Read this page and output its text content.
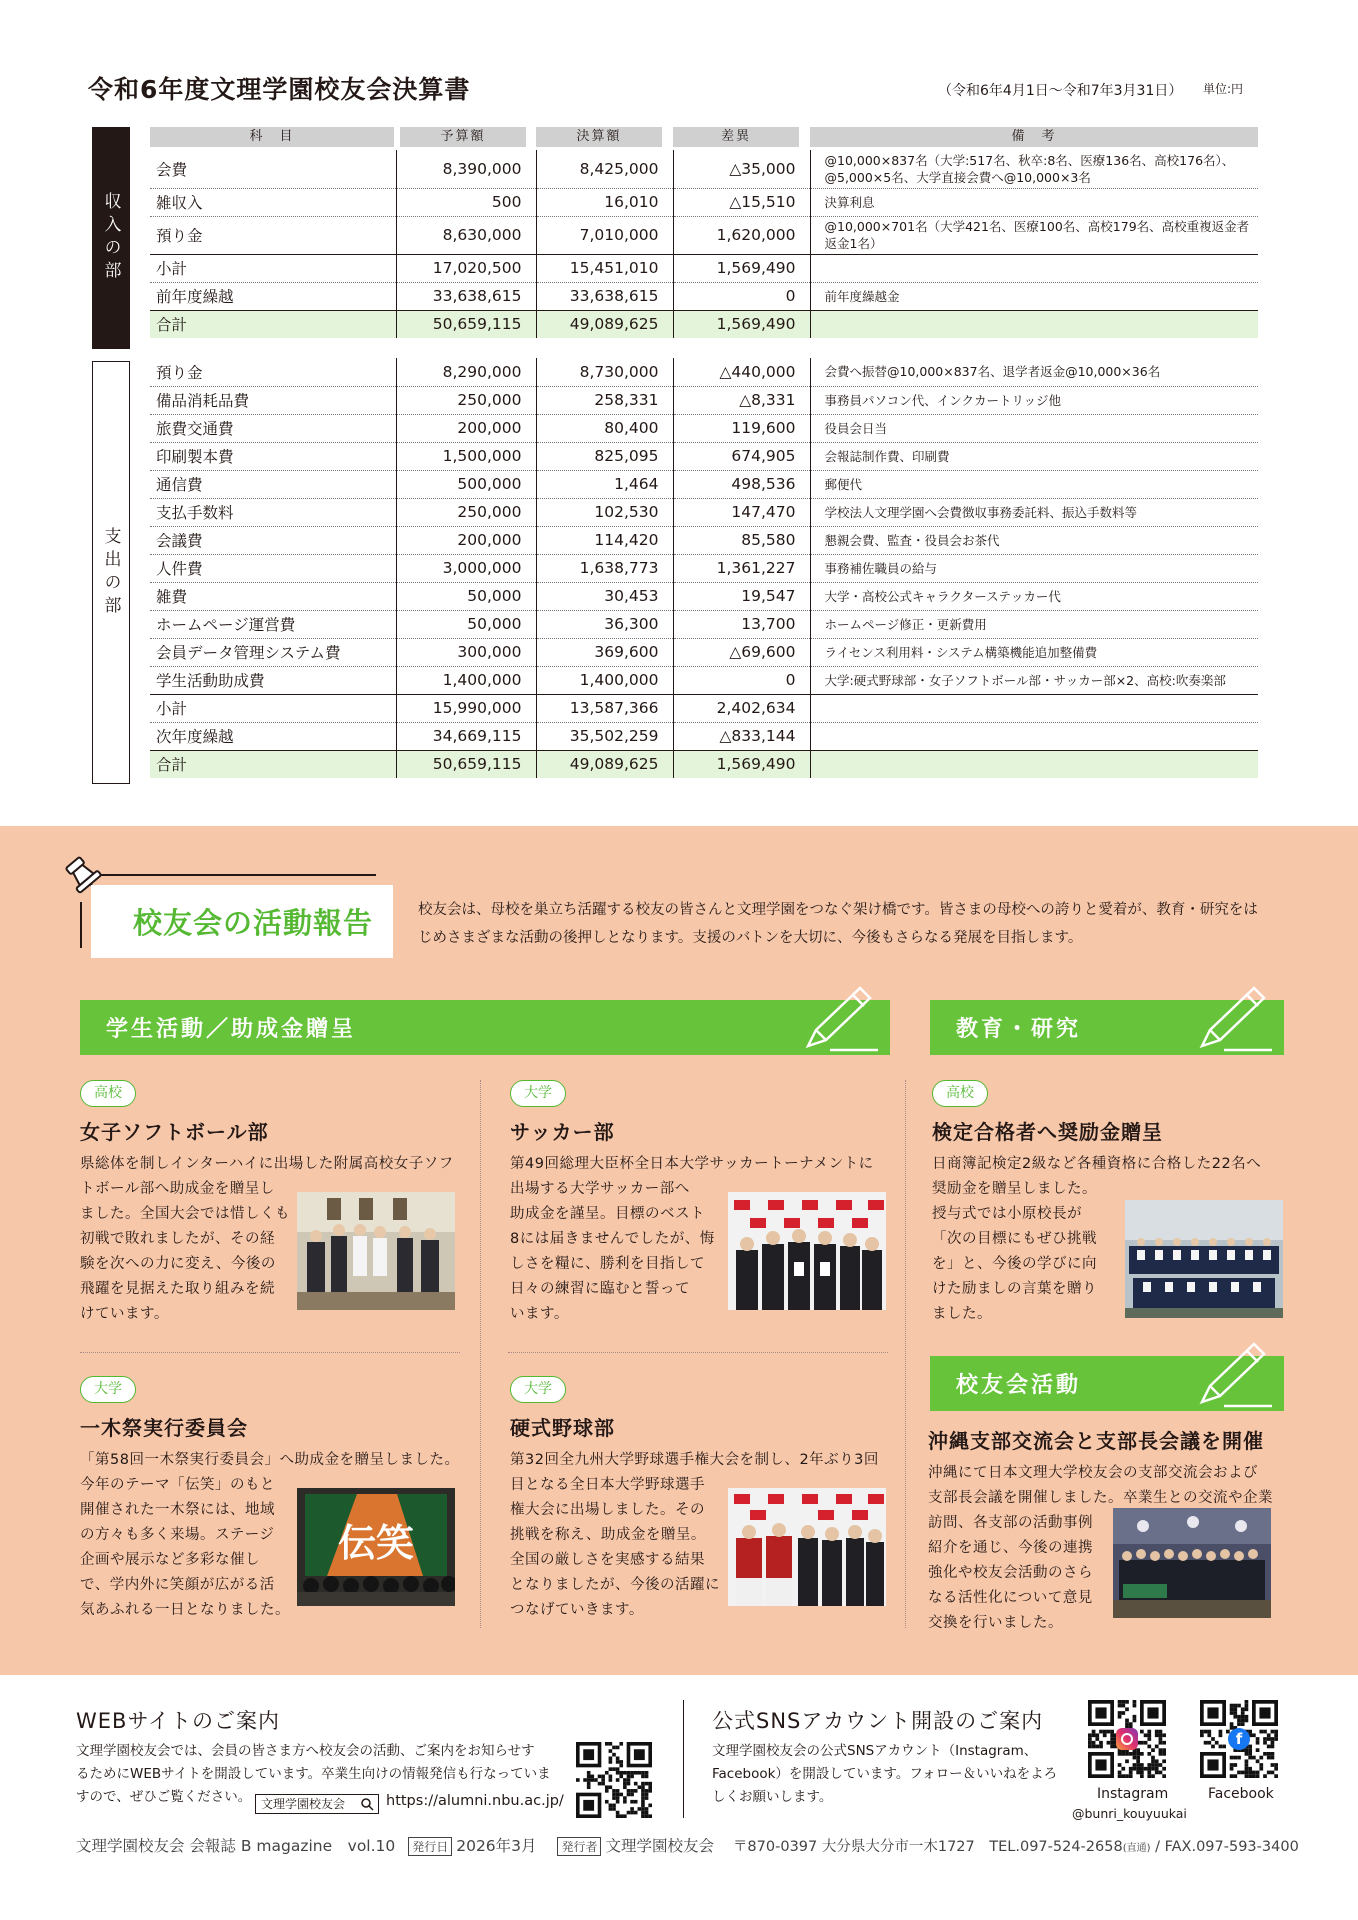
令和6年度文理学園校友会決算書	（令和6年4月1日～令和7年3月31日） 単位:円
収入の部
支出の部
科　目	予算額	決算額	差異	備　考
会費	8,390,000	8,425,000	△35,000	@10,000×837名（大学:517名、秋卒:8名、医療136名、高校176名）、@5,000×5名、大学直接会費へ@10,000×3名
雑収入	500	16,010	△15,510	決算利息
預り金	8,630,000	7,010,000	1,620,000	@10,000×701名（大学421名、医療100名、高校179名、高校重複返金者返金1名）
小計	17,020,500	15,451,010	1,569,490	
前年度繰越	33,638,615	33,638,615	0	前年度繰越金
合計	50,659,115	49,089,625	1,569,490	
預り金	8,290,000	8,730,000	△440,000	会費へ振替@10,000×837名、退学者返金@10,000×36名
備品消耗品費	250,000	258,331	△8,331	事務員パソコン代、インクカートリッジ他
旅費交通費	200,000	80,400	119,600	役員会日当
印刷製本費	1,500,000	825,095	674,905	会報誌制作費、印刷費
通信費	500,000	1,464	498,536	郵便代
支払手数料	250,000	102,530	147,470	学校法人文理学園へ会費徴収事務委託料、振込手数料等
会議費	200,000	114,420	85,580	懇親会費、監査・役員会お茶代
人件費	3,000,000	1,638,773	1,361,227	事務補佐職員の給与
雑費	50,000	30,453	19,547	大学・高校公式キャラクターステッカー代
ホームページ運営費	50,000	36,300	13,700	ホームページ修正・更新費用
会員データ管理システム費	300,000	369,600	△69,600	ライセンス利用料・システム構築機能追加整備費
学生活動助成費	1,400,000	1,400,000	0	大学:硬式野球部・女子ソフトボール部・サッカー部×2、高校:吹奏楽部
小計	15,990,000	13,587,366	2,402,634	
次年度繰越	34,669,115	35,502,259	△833,144	
合計	50,659,115	49,089,625	1,569,490	
校友会の活動報告	校友会は、母校を巣立ち活躍する校友の皆さんと文理学園をつなぐ架け橋です。皆さまの母校への誇りと愛着が、教育・研究をはじめさまざまな活動の後押しとなります。支援のバトンを大切に、今後もさらなる発展を目指します。
学生活動／助成金贈呈	教育・研究
校友会活動
高校
女子ソフトボール部
県総体を制しインターハイに出場した附属高校女子ソフ
トボール部へ助成金を贈呈し
ました。全国大会では惜しくも
初戦で敗れましたが、その経
験を次への力に変え、今後の
飛躍を見据えた取り組みを続
けています。
大学
サッカー部
第49回総理大臣杯全日本大学サッカートーナメントに
出場する大学サッカー部へ
助成金を謹呈。目標のベスト
8には届きませんでしたが、悔
しさを糧に、勝利を目指して
日々の練習に臨むと誓って
います。
高校
検定合格者へ奨励金贈呈
日商簿記検定2級など各種資格に合格した22名へ
奨励金を贈呈しました。
授与式では小原校長が
「次の目標にもぜひ挑戦
を」と、今後の学びに向
けた励ましの言葉を贈り
ました。
大学
一木祭実行委員会
「第58回一木祭実行委員会」へ助成金を贈呈しました。
今年のテーマ「伝笑」のもと
開催された一木祭には、地域
の方々も多く来場。ステージ
企画や展示など多彩な催し
で、学内外に笑顔が広がる活
気あふれる一日となりました。
伝笑
大学
硬式野球部
第32回全九州大学野球選手権大会を制し、2年ぶり3回
目となる全日本大学野球選手
権大会に出場しました。その
挑戦を称え、助成金を贈呈。
全国の厳しさを実感する結果
となりましたが、今後の活躍に
つなげていきます。
沖縄支部交流会と支部長会議を開催
沖縄にて日本文理大学校友会の支部交流会および
支部長会議を開催しました。卒業生との交流や企業
訪問、各支部の活動事例
紹介を通じ、今後の連携
強化や校友会活動のさら
なる活性化について意見
交換を行いました。
WEBサイトのご案内
文理学園校友会では、会員の皆さま方へ校友会の活動、ご案内をお知らせす
るためにWEBサイトを開設しています。卒業生向けの情報発信も行なっていま
すので、ぜひご覧ください。 文理学園校友会	https://alumni.nbu.ac.jp/
公式SNSアカウント開設のご案内
文理学園校友会の公式SNSアカウント（Instagram、
Facebook）を開設しています。フォロー＆いいねをよろ
しくお願いします。	Instagram
@bunri_kouyuukai
f
Facebook
文理学園校友会 会報誌 B magazine　vol.10 発行日 2026年3月 発行者 文理学園校友会 〒870-0397 大分県大分市一木1727　TEL.097-524-2658(直通) / FAX.097-593-3400
